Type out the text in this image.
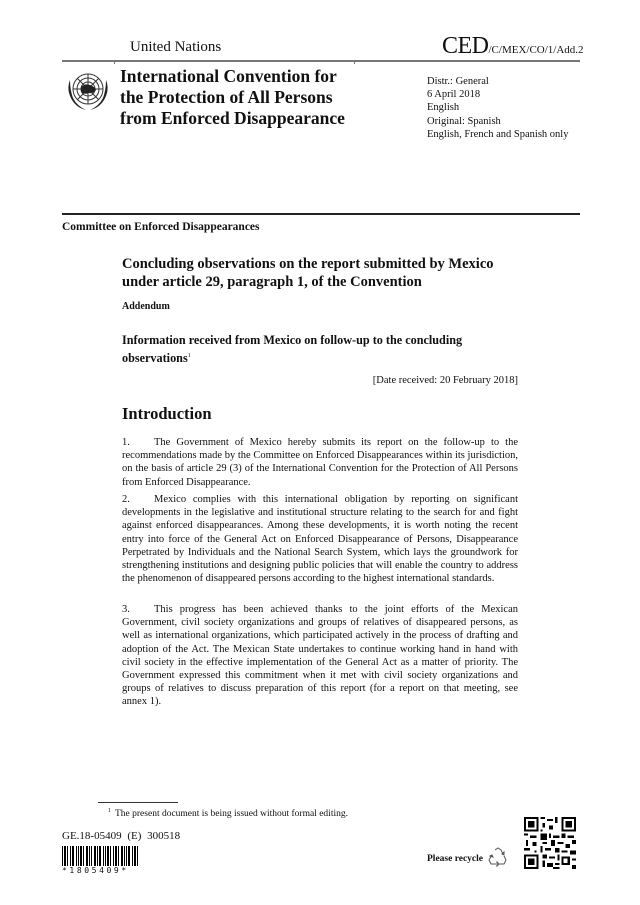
United Nations	CED/C/MEX/CO/1/Add.2
International Convention for
the Protection of All Persons
from Enforced Disappearance
Distr.: General
6 April 2018
English
Original: Spanish
English, French and Spanish only
Committee on Enforced Disappearances
Concluding observations on the report submitted by Mexico
under article 29, paragraph 1, of the Convention
Addendum
Information received from Mexico on follow-up to the concluding observations$^1$
[Date received: 20 February 2018]
Introduction
1. The Government of Mexico hereby submits its report on the follow-up to the recommendations made by the Committee on Enforced Disappearances within its jurisdiction, on the basis of article 29 (3) of the International Convention for the Protection of All Persons from Enforced Disappearance.
2. Mexico complies with this international obligation by reporting on significant developments in the legislative and institutional structure relating to the search for and fight against enforced disappearances. Among these developments, it is worth noting the recent entry into force of the General Act on Enforced Disappearance of Persons, Disappearance Perpetrated by Individuals and the National Search System, which lays the groundwork for strengthening institutions and designing public policies that will enable the country to address the phenomenon of disappeared persons according to the highest international standards.
3. This progress has been achieved thanks to the joint efforts of the Mexican Government, civil society organizations and groups of relatives of disappeared persons, as well as international organizations, which participated actively in the process of drafting and adoption of the Act. The Mexican State undertakes to continue working hand in hand with civil society in the effective implementation of the General Act as a matter of priority. The Government expressed this commitment when it met with civil society organizations and groups of relatives to discuss preparation of this report (for a report on that meeting, see annex 1).
$^1$ The present document is being issued without formal editing.
GE.18-05409 (E) 300518
*1805409*
Please recycle
